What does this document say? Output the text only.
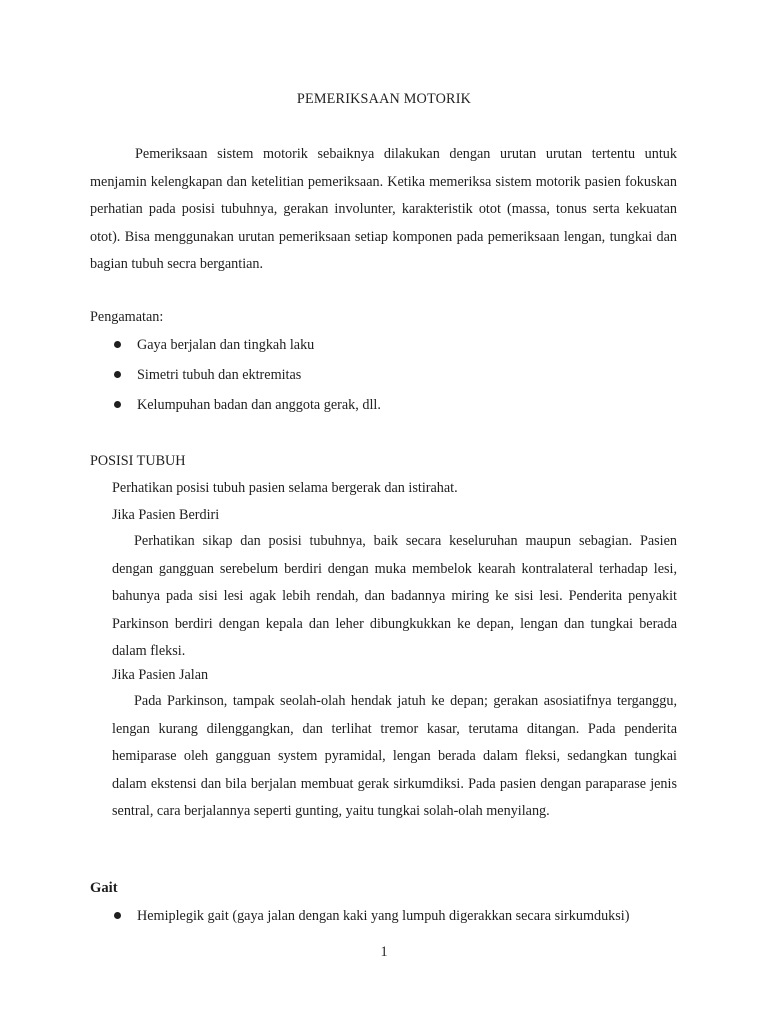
PEMERIKSAAN MOTORIK

Pemeriksaan sistem motorik sebaiknya dilakukan dengan urutan urutan tertentu untuk menjamin kelengkapan dan ketelitian pemeriksaan. Ketika memeriksa sistem motorik pasien fokuskan perhatian pada posisi tubuhnya, gerakan involunter, karakteristik otot (massa, tonus serta kekuatan otot). Bisa menggunakan urutan pemeriksaan setiap komponen pada pemeriksaan lengan, tungkai dan bagian tubuh secra bergantian.

Pengamatan:

Gaya berjalan dan tingkah laku
Simetri tubuh dan ektremitas
Kelumpuhan badan dan anggota gerak, dll.

POSISI TUBUH

Perhatikan posisi tubuh pasien selama bergerak dan istirahat.

Jika Pasien Berdiri

Perhatikan sikap dan posisi tubuhnya, baik secara keseluruhan maupun sebagian. Pasien dengan gangguan serebelum berdiri dengan muka membelok kearah kontralateral terhadap lesi, bahunya pada sisi lesi agak lebih rendah, dan badannya miring ke sisi lesi. Penderita penyakit Parkinson berdiri dengan kepala dan leher dibungkukkan ke depan, lengan dan tungkai berada dalam fleksi.

Jika Pasien Jalan

Pada Parkinson, tampak seolah-olah hendak jatuh ke depan; gerakan asosiatifnya terganggu, lengan kurang dilenggangkan, dan terlihat tremor kasar, terutama ditangan. Pada penderita hemiparase oleh gangguan system pyramidal, lengan berada dalam fleksi, sedangkan tungkai dalam ekstensi dan bila berjalan membuat gerak sirkumdiksi. Pada pasien dengan paraparase jenis sentral, cara berjalannya seperti gunting, yaitu tungkai solah-olah menyilang.

Gait

Hemiplegik gait (gaya jalan dengan kaki yang lumpuh digerakkan secara sirkumduksi)

1
